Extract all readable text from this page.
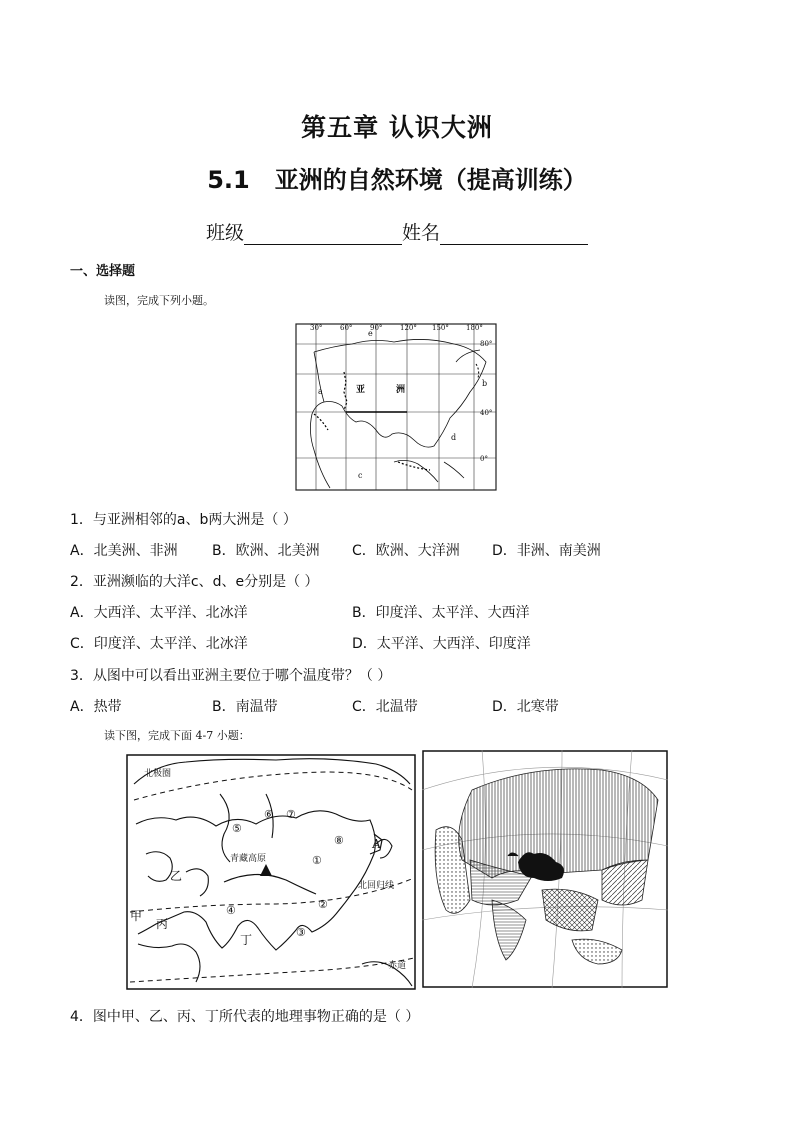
第五章 认识大洲
5.1 亚洲的自然环境（提高训练）
班级	姓名
一、选择题
读图，完成下列小题。
30°	60°	90°	120° 150° 180°
80°
40°
0°
a
b
c
d
e
亚	洲
1．与亚洲相邻的a、b两大洲是（ ）
A．北美洲、非洲 B．欧洲、北美洲 C．欧洲、大洋洲 D．非洲、南美洲
2．亚洲濒临的大洋c、d、e分别是（ ）
A．大西洋、太平洋、北冰洋	B．印度洋、太平洋、大西洋
C．印度洋、太平洋、北冰洋	D．太平洋、大西洋、印度洋
3．从图中可以看出亚洲主要位于哪个温度带？（ ）
A．热带	B．南温带	C．北温带	D．北寒带
读下图，完成下面 4-7 小题：
北极圈
北回归线
赤道
青藏高原
乙
甲
丙
丁
A
①
②
③
④
⑤
⑥ ⑦
⑧
4．图中甲、乙、丙、丁所代表的地理事物正确的是（ ）
